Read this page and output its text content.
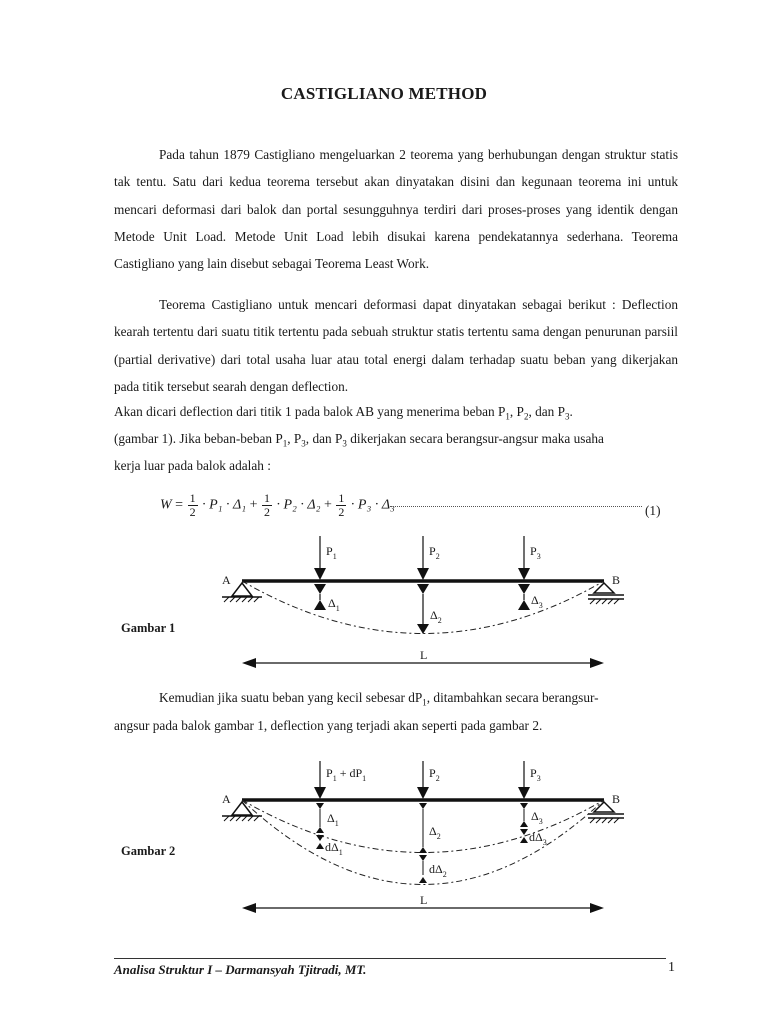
CASTIGLIANO METHOD

Pada tahun 1879 Castigliano mengeluarkan 2 teorema yang berhubungan dengan struktur statis tak tentu. Satu dari kedua teorema tersebut akan dinyatakan disini dan kegunaan teorema ini untuk mencari deformasi dari balok dan portal sesungguhnya terdiri dari proses-proses yang identik dengan Metode Unit Load. Metode Unit Load lebih disukai karena pendekatannya sederhana. Teorema Castigliano yang lain disebut sebagai Teorema Least Work.

Teorema Castigliano untuk mencari deformasi dapat dinyatakan sebagai berikut : Deflection kearah tertentu dari suatu titik tertentu pada sebuah struktur statis tertentu sama dengan penurunan parsiil (partial derivative) dari total usaha luar atau total energi dalam terhadap suatu beban yang dikerjakan pada titik tersebut searah dengan deflection.

Akan dicari deflection dari titik 1 pada balok AB yang menerima beban $P_1$, $P_2$, dan $P_3$.
(gambar 1). Jika beban-beban $P_1$, $P_3$, dan $P_3$ dikerjakan secara berangsur-angsur maka usaha
kerja luar pada balok adalah :
$W = \frac{1}{2} \cdot P_1 \cdot \Delta_1 + \frac{1}{2} \cdot P_2 \cdot \Delta_2 + \frac{1}{2} \cdot P_3 \cdot \Delta_3$	(1)
Gambar 1
A	B
$P_1$	$P_2$	$P_3$
$\Delta_1$	$\Delta_2$
$\Delta_3$
L
Kemudian jika suatu beban yang kecil sebesar $dP_1$, ditambahkan secara berangsur-
angsur pada balok gambar 1, deflection yang terjadi akan seperti pada gambar 2.
Gambar 2
A	B
$P_1 + dP_1$	$P_2$	$P_3$
$\Delta_1$
$d\Delta_1$
$\Delta_2$
$d\Delta_2$
$\Delta_3$
$d\Delta_3$
L
Analisa Struktur I – Darmansyah Tjitradi, MT.	1
